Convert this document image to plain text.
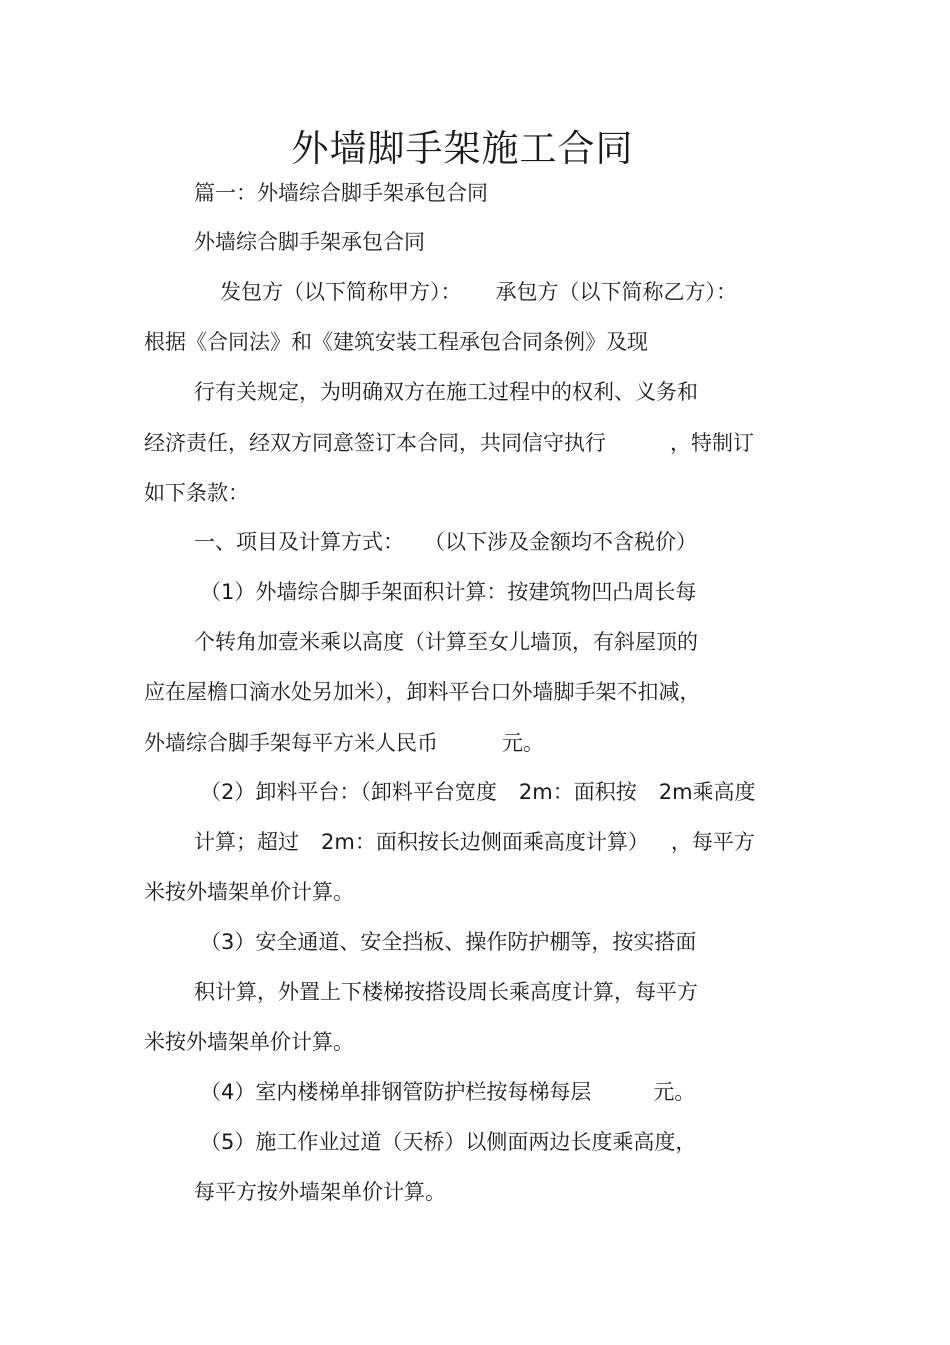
外墙脚手架施工合同
篇一：外墙综合脚手架承包合同
外墙综合脚手架承包合同
发包方（以下简称甲方）： 承包方（以下简称乙方）：
根据《合同法》和《建筑安装工程承包合同条例》及现
行有关规定，为明确双方在施工过程中的权利、义务和
经济责任，经双方同意签订本合同，共同信守执行	，特制订
如下条款：
一、项目及计算方式： （以下涉及金额均不含税价）
（1）外墙综合脚手架面积计算：按建筑物凹凸周长每
个转角加壹米乘以高度（计算至女儿墙顶，有斜屋顶的
应在屋檐口滴水处另加米），卸料平台口外墙脚手架不扣减，
外墙综合脚手架每平方米人民币	元。
（2）卸料平台：（卸料平台宽度 2m：面积按 2m乘高度
计算；超过 2m：面积按长边侧面乘高度计算） ，每平方
米按外墙架单价计算。
（3）安全通道、安全挡板、操作防护棚等，按实搭面
积计算，外置上下楼梯按搭设周长乘高度计算，每平方
米按外墙架单价计算。
（4）室内楼梯单排钢管防护栏按每梯每层	元。
（5）施工作业过道（天桥）以侧面两边长度乘高度，
每平方按外墙架单价计算。
